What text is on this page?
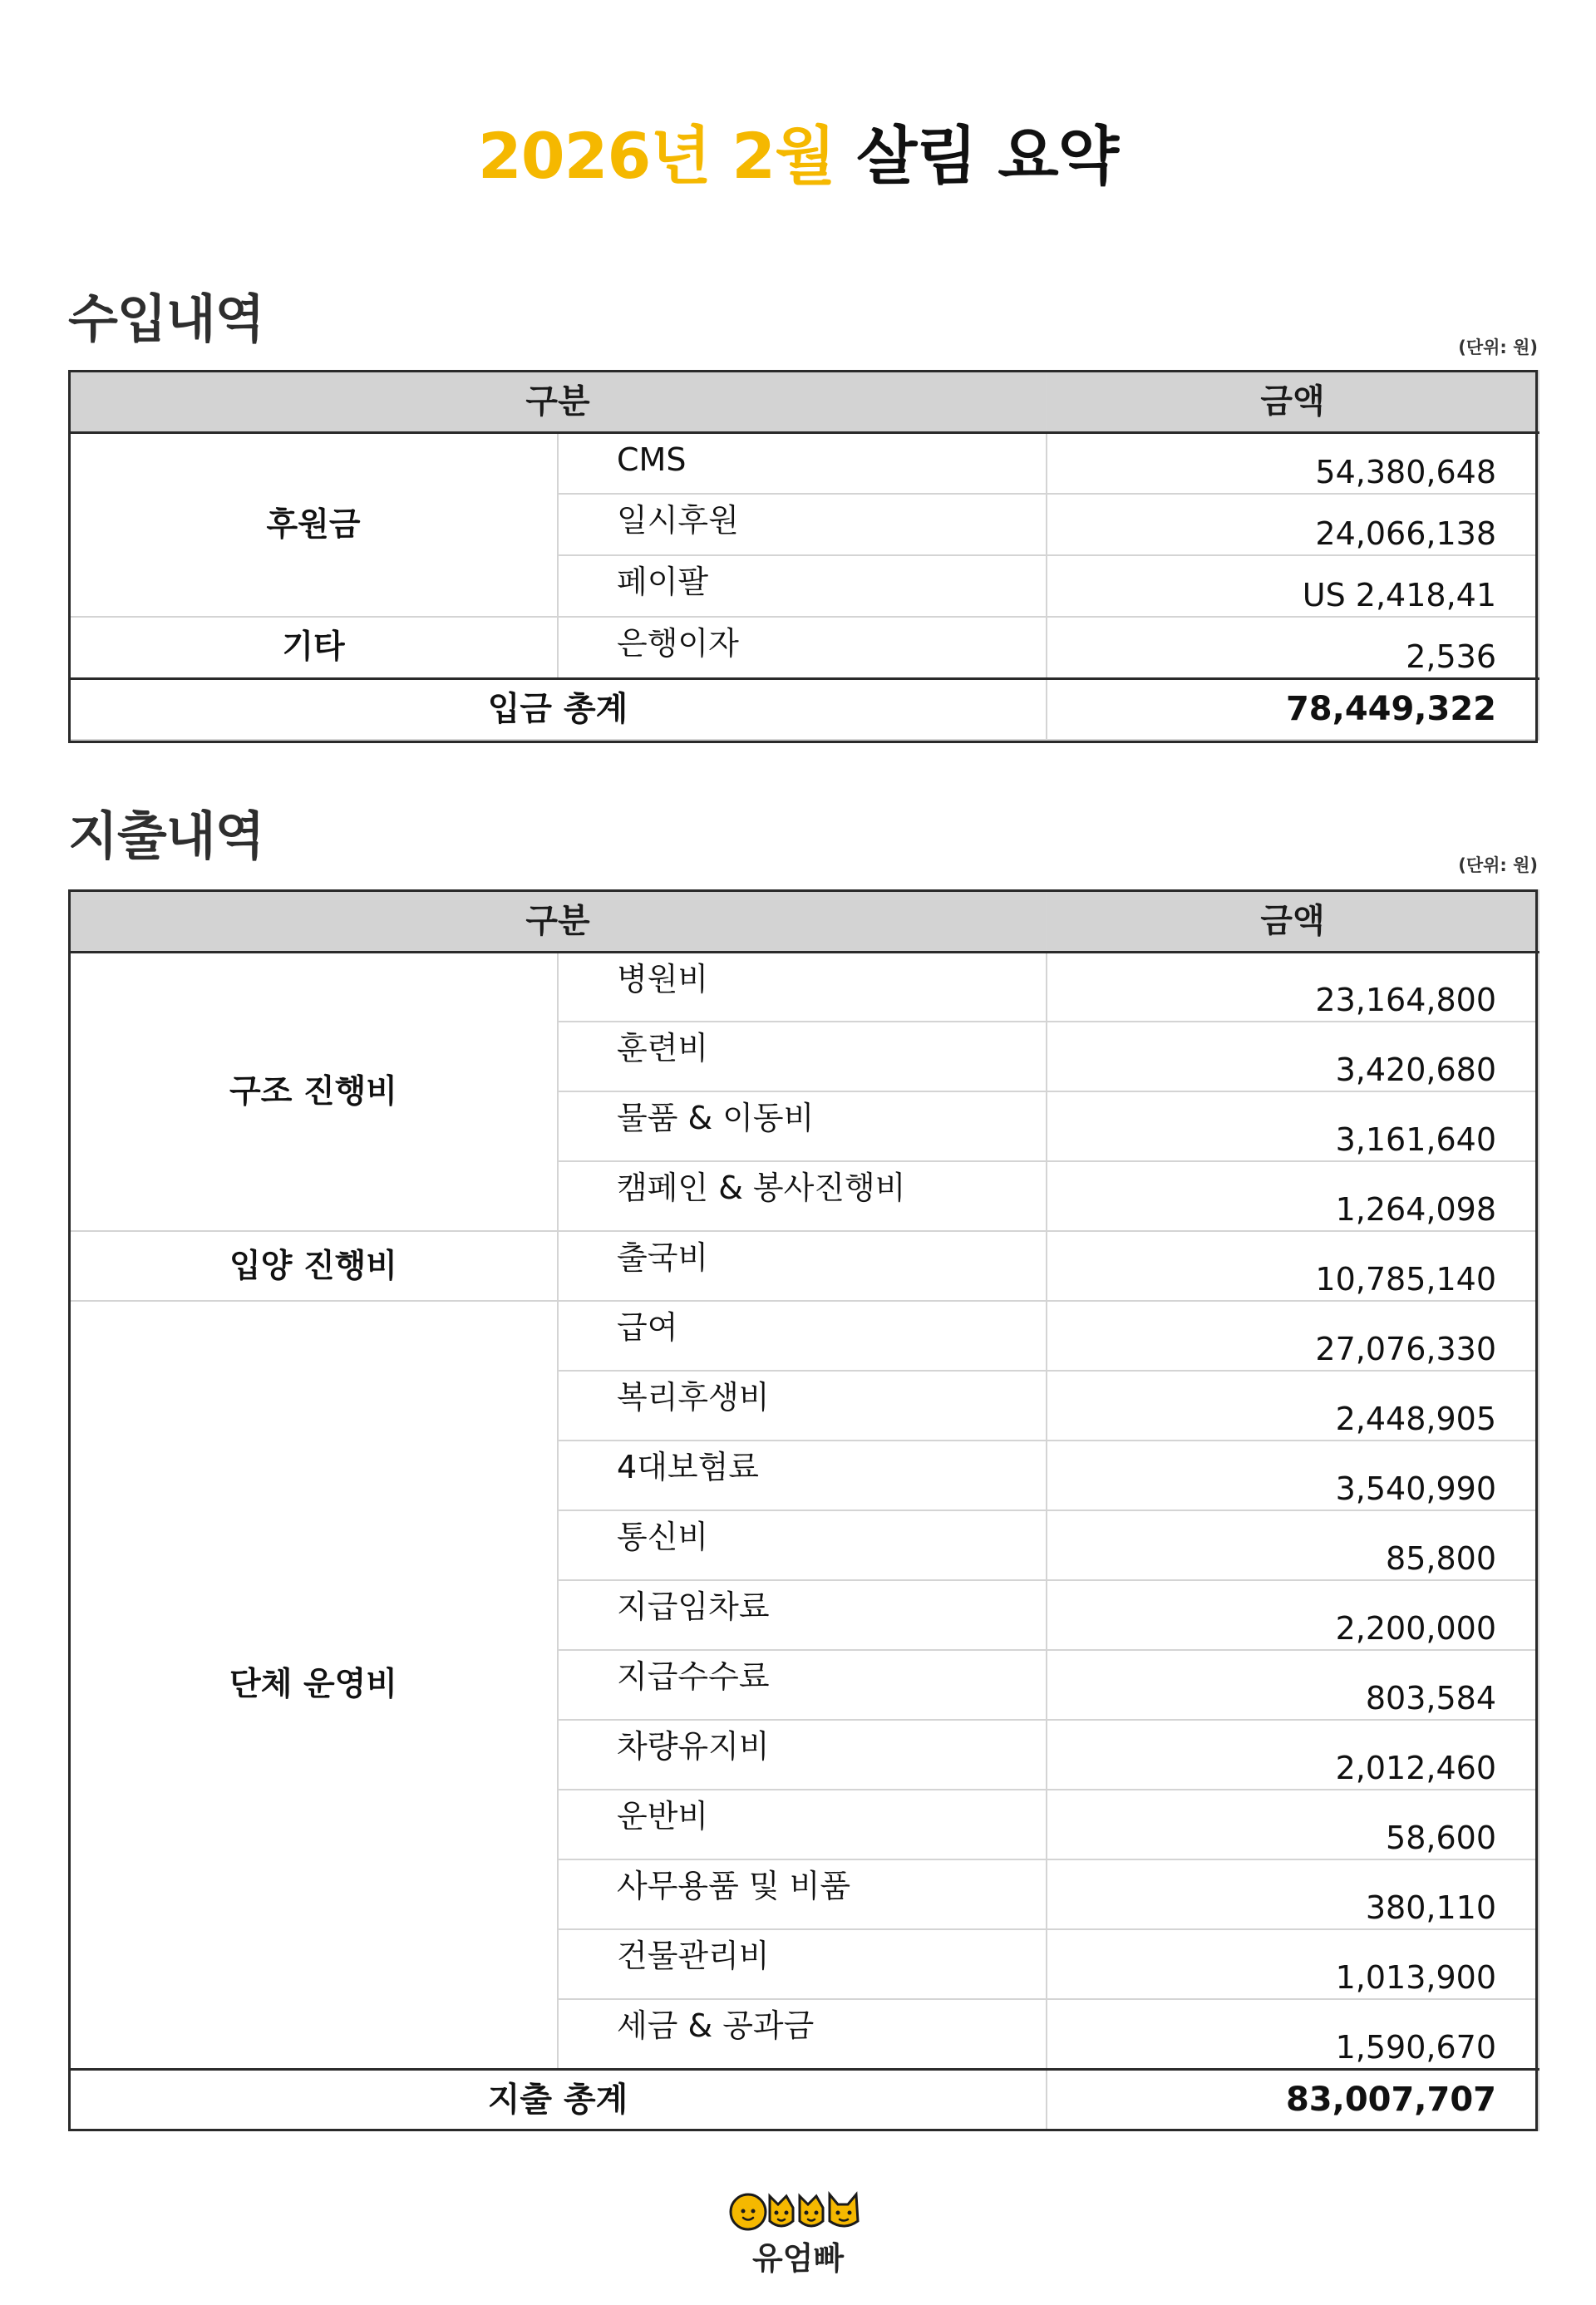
2026년 2월 살림 요약
수입내역	(단위: 원)
구분		금액
후원금	CMS	54,380,648
	일시후원	24,066,138
	페이팔	US 2,418,41
기타	은행이자	2,536
입금 총계		78,449,322
지출내역	(단위: 원)
구분		금액
구조 진행비	병원비	23,164,800
	훈련비	3,420,680
	물품 & 이동비	3,161,640
	캠페인 & 봉사진행비	1,264,098
입양 진행비	출국비	10,785,140
단체 운영비	급여	27,076,330
	복리후생비	2,448,905
	4대보험료	3,540,990
	통신비	85,800
	지급임차료	2,200,000
	지급수수료	803,584
	차량유지비	2,012,460
	운반비	58,600
	사무용품 및 비품	380,110
	건물관리비	1,013,900
	세금 & 공과금	1,590,670
지출 총계		83,007,707
유엄빠
